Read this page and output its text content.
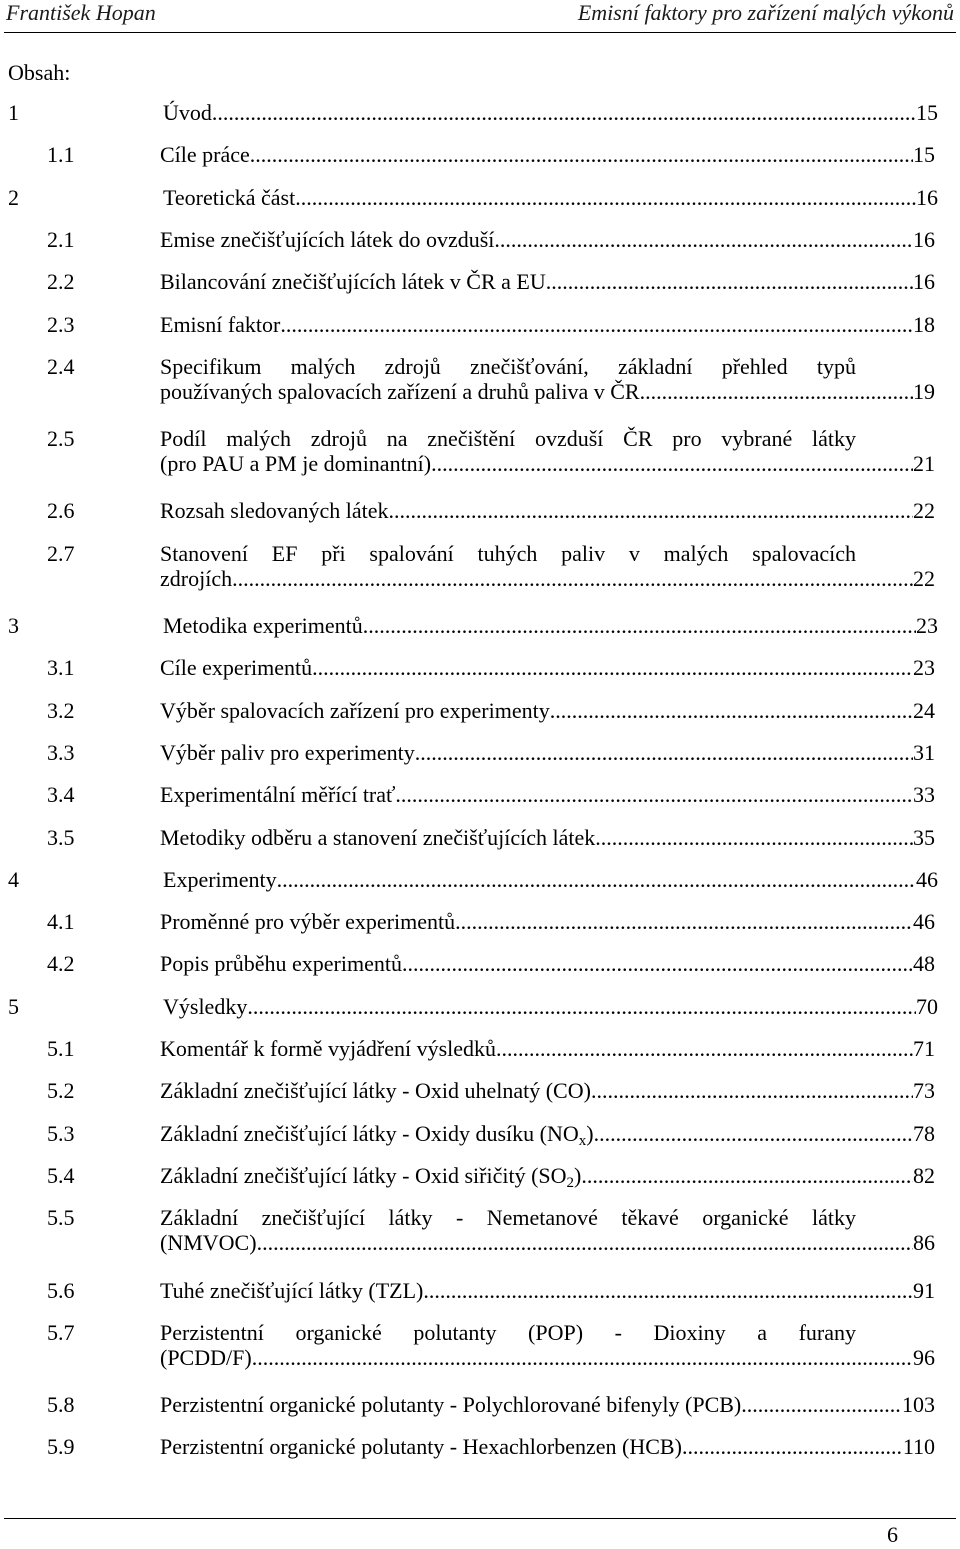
František Hopan	Emisní faktory pro zařízení malých výkonů
Obsah:
1	Úvod .....	15
1.1	Cíle práce .....	15
2	Teoretická část .....	16
2.1	Emise znečišťujících látek do ovzduší .....	16
2.2	Bilancování znečišťujících látek v ČR a EU .....	16
2.3	Emisní faktor .....	18
2.4	Specifikum malých zdrojů znečišťování, základní přehled typů
používaných spalovacích zařízení a druhů paliva v ČR .....	19
2.5	Podíl malých zdrojů na znečištění ovzduší ČR pro vybrané látky
(pro PAU a PM je dominantní) .....	21
2.6	Rozsah sledovaných látek .....	22
2.7	Stanovení EF při spalování tuhých paliv v malých spalovacích
zdrojích .....	22
3	Metodika experimentů .....	23
3.1	Cíle experimentů .....	23
3.2	Výběr spalovacích zařízení pro experimenty .....	24
3.3	Výběr paliv pro experimenty .....	31
3.4	Experimentální měřící trať .....	33
3.5	Metodiky odběru a stanovení znečišťujících látek .....	35
4	Experimenty .....	46
4.1	Proměnné pro výběr experimentů .....	46
4.2	Popis průběhu experimentů .....	48
5	Výsledky .....	70
5.1	Komentář k formě vyjádření výsledků .....	71
5.2	Základní znečišťující látky - Oxid uhelnatý (CO) .....	73
5.3	Základní znečišťující látky - Oxidy dusíku $(NO_x)$ .....	78
5.4	Základní znečišťující látky - Oxid siřičitý $(SO_2)$ .....	82
5.5	Základní znečišťující látky - Nemetanové těkavé organické látky
(NMVOC) .....	86
5.6	Tuhé znečišťující látky (TZL) .....	91
5.7	Perzistentní organické polutanty (POP) - Dioxiny a furany
(PCDD/F) .....	96
5.8	Perzistentní organické polutanty - Polychlorované bifenyly (PCB) .....	103
5.9	Perzistentní organické polutanty - Hexachlorbenzen (HCB) .....	110
6
